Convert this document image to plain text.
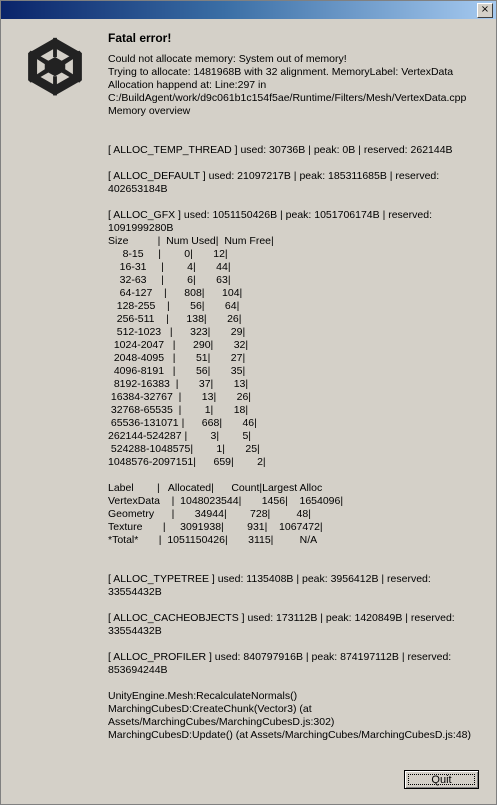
×
Fatal error!
Could not allocate memory: System out of memory!
Trying to allocate: 1481968B with 32 alignment. MemoryLabel: VertexData
Allocation happend at: Line:297 in
C:/BuildAgent/work/d9c061b1c154f5ae/Runtime/Filters/Mesh/VertexData.cpp
Memory overview

[ ALLOC_TEMP_THREAD ] used: 30736B | peak: 0B | reserved: 262144B

[ ALLOC_DEFAULT ] used: 21097217B | peak: 185311685B | reserved:
402653184B

[ ALLOC_GFX ] used: 1051150426B | peak: 1051706174B | reserved:
1091999280B
Size          |  Num Used|  Num Free|
8-15     |        0|       12|
16-31     |        4|       44|
32-63     |        6|       63|
64-127    |      808|      104|
128-255    |       56|       64|
256-511    |      138|       26|
512-1023   |      323|       29|
1024-2047   |      290|       32|
2048-4095   |       51|       27|
4096-8191   |       56|       35|
8192-16383  |       37|       13|
16384-32767  |       13|       26|
32768-65535  |        1|       18|
65536-131071 |      668|       46|
262144-524287 |        3|        5|
524288-1048575|        1|       25|
1048576-2097151|      659|        2|

Label        |   Allocated|      Count|Largest Alloc
VertexData    |  1048023544|       1456|    1654096|
Geometry      |       34944|        728|         48|
Texture       |     3091938|        931|    1067472|
*Total*       |  1051150426|       3115|         N/A

[ ALLOC_TYPETREE ] used: 1135408B | peak: 3956412B | reserved:
33554432B

[ ALLOC_CACHEOBJECTS ] used: 173112B | peak: 1420849B | reserved:
33554432B

[ ALLOC_PROFILER ] used: 840797916B | peak: 874197112B | reserved:
853694244B

UnityEngine.Mesh:RecalculateNormals()
MarchingCubesD:CreateChunk(Vector3) (at
Assets/MarchingCubes/MarchingCubesD.js:302)
MarchingCubesD:Update() (at Assets/MarchingCubes/MarchingCubesD.js:48)
Quit
